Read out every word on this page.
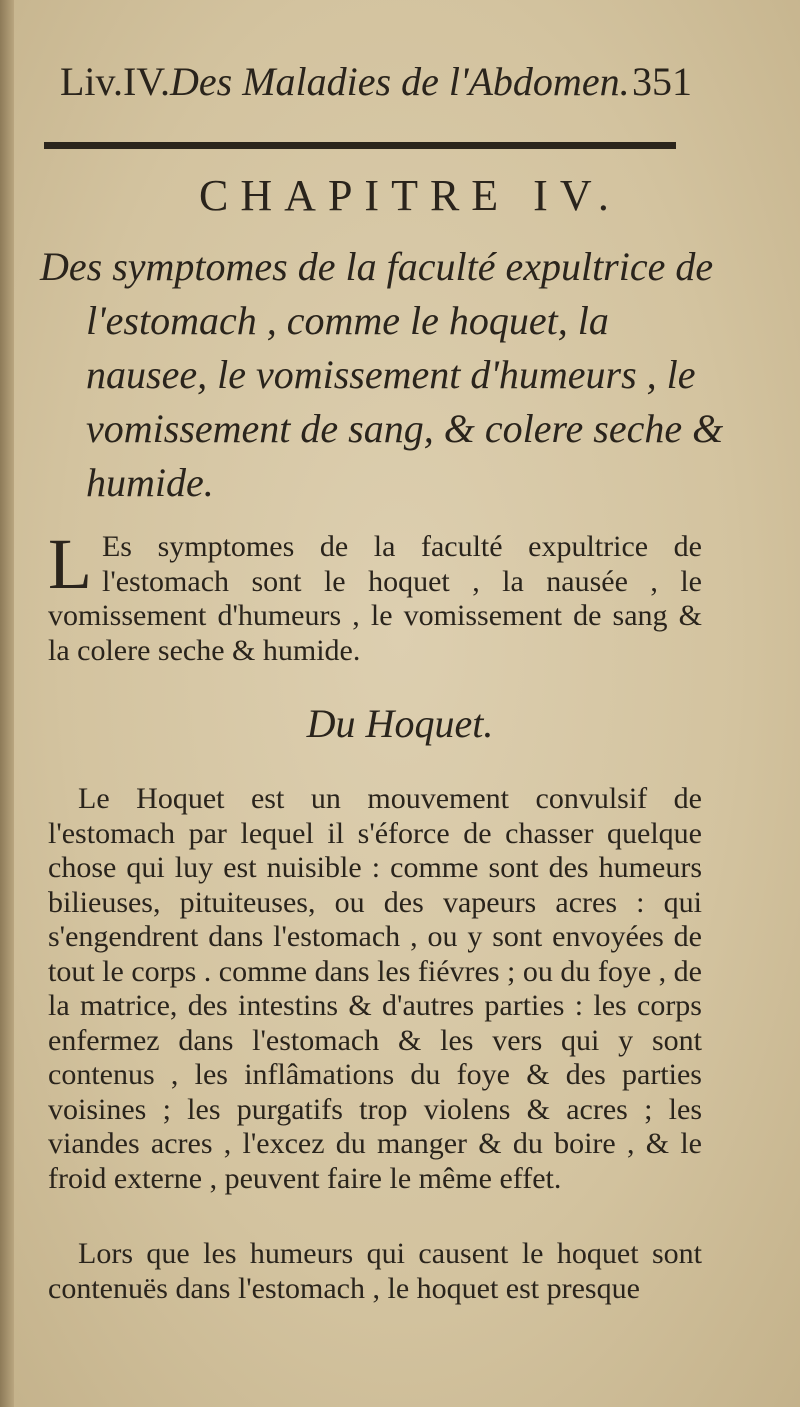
Liv.IV.Des Maladies de l'Abdomen. 351
CHAPITRE IV.
Des symptomes de la faculté expultrice de l'estomach , comme le hoquet, la nausee, le vomissement d'humeurs , le vomissement de sang, & colere seche & humide.
L Es symptomes de la faculté expultrice de l'estomach sont le hoquet , la nausée , le vomissement d'humeurs , le vomissement de sang & la colere seche & humide.
Du Hoquet.
Le Hoquet est un mouvement convulsif de l'estomach par lequel il s'éforce de chasser quelque chose qui luy est nuisible : comme sont des humeurs bilieuses, pituiteuses, ou des vapeurs acres : qui s'engendrent dans l'estomach , ou y sont envoyées de tout le corps . comme dans les fiévres ; ou du foye , de la matrice, des intestins & d'autres parties : les corps enfermez dans l'estomach & les vers qui y sont contenus , les inflâmations du foye & des parties voisines ; les purgatifs trop violens & acres ; les viandes acres , l'excez du manger & du boire , & le froid externe , peuvent faire le même effet.
Lors que les humeurs qui causent le hoquet sont contenuës dans l'estomach , le hoquet est presque
